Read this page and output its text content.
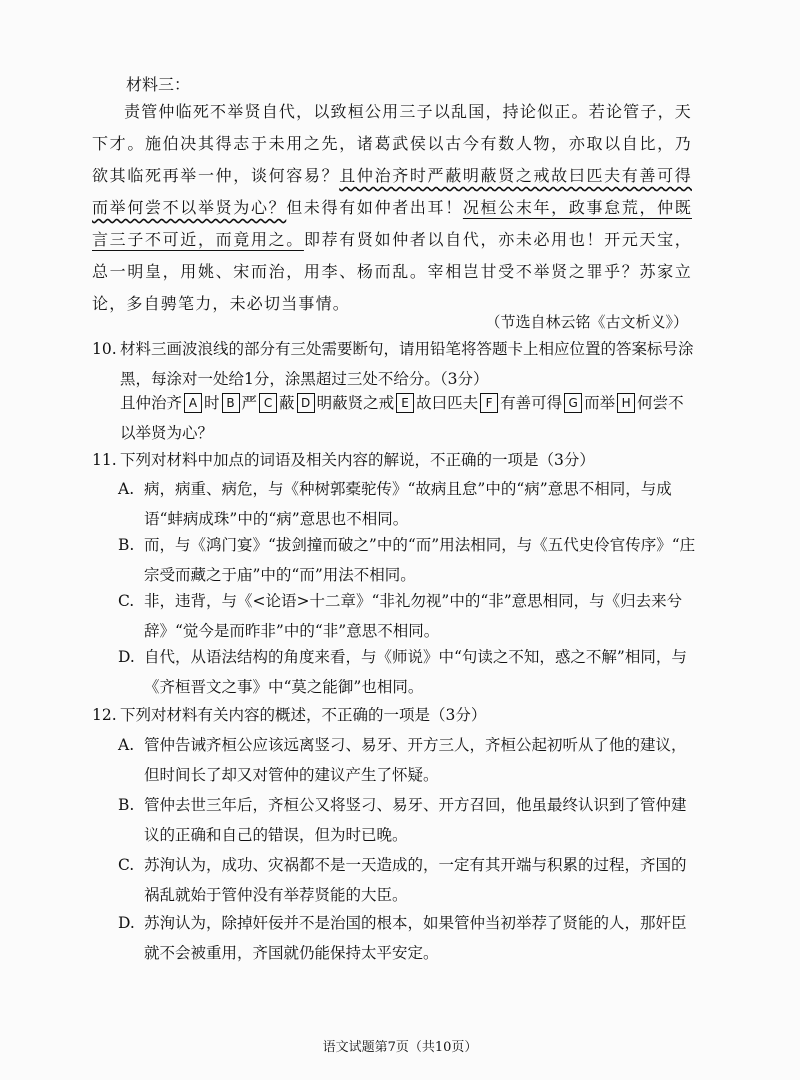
材料三：

责管仲临死不举贤自代，以致桓公用三子以乱国，持论似正。若论管子，天下才。施伯决其得志于未用之先，诸葛武侯以古今有数人物，亦取以自比，乃欲其临死再举一仲，谈何容易？且仲治齐时严蔽明蔽贤之戒故曰匹夫有善可得而举何尝不以举贤为心？但未得有如仲者出耳！况桓公末年，政事怠荒，仲既言三子不可近，而竟用之。即荐有贤如仲者以自代，亦未必用也！开元天宝，总一明皇，用姚、宋而治，用李、杨而乱。宰相岂甘受不举贤之罪乎？苏家立论，多自骋笔力，未必切当事情。

（节选自林云铭《古文析义》）

10. 材料三画波浪线的部分有三处需要断句，请用铅笔将答题卡上相应位置的答案标号涂黑，每涂对一处给1分，涂黑超过三处不给分。（3分）

且仲治齐 A 时 B 严 C 蔽 D 明蔽贤之戒 E 故曰匹夫 F 有善可得 G 而举 H 何尝不
以举贤为心？

11. 下列对材料中加点的词语及相关内容的解说，不正确的一项是（3分）

A. 病，病重、病危，与《种树郭橐驼传》“故病且怠”中的“病”意思不相同，与成语“蚌病成珠”中的“病”意思也不相同。

B. 而，与《鸿门宴》“拔剑撞而破之”中的“而”用法相同，与《五代史伶官传序》“庄宗受而藏之于庙”中的“而”用法不相同。

C. 非，违背，与《<论语>十二章》“非礼勿视”中的“非”意思相同，与《归去来兮辞》“觉今是而昨非”中的“非”意思不相同。

D. 自代，从语法结构的角度来看，与《师说》中“句读之不知，惑之不解”相同，与《齐桓晋文之事》中“莫之能御”也相同。

12. 下列对材料有关内容的概述，不正确的一项是（3分）

A. 管仲告诫齐桓公应该远离竖刁、易牙、开方三人，齐桓公起初听从了他的建议，但时间长了却又对管仲的建议产生了怀疑。

B. 管仲去世三年后，齐桓公又将竖刁、易牙、开方召回，他虽最终认识到了管仲建议的正确和自己的错误，但为时已晚。

C. 苏洵认为，成功、灾祸都不是一天造成的，一定有其开端与积累的过程，齐国的祸乱就始于管仲没有举荐贤能的大臣。

D. 苏洵认为，除掉奸佞并不是治国的根本，如果管仲当初举荐了贤能的人，那奸臣就不会被重用，齐国就仍能保持太平安定。

语文试题第7页（共10页）
